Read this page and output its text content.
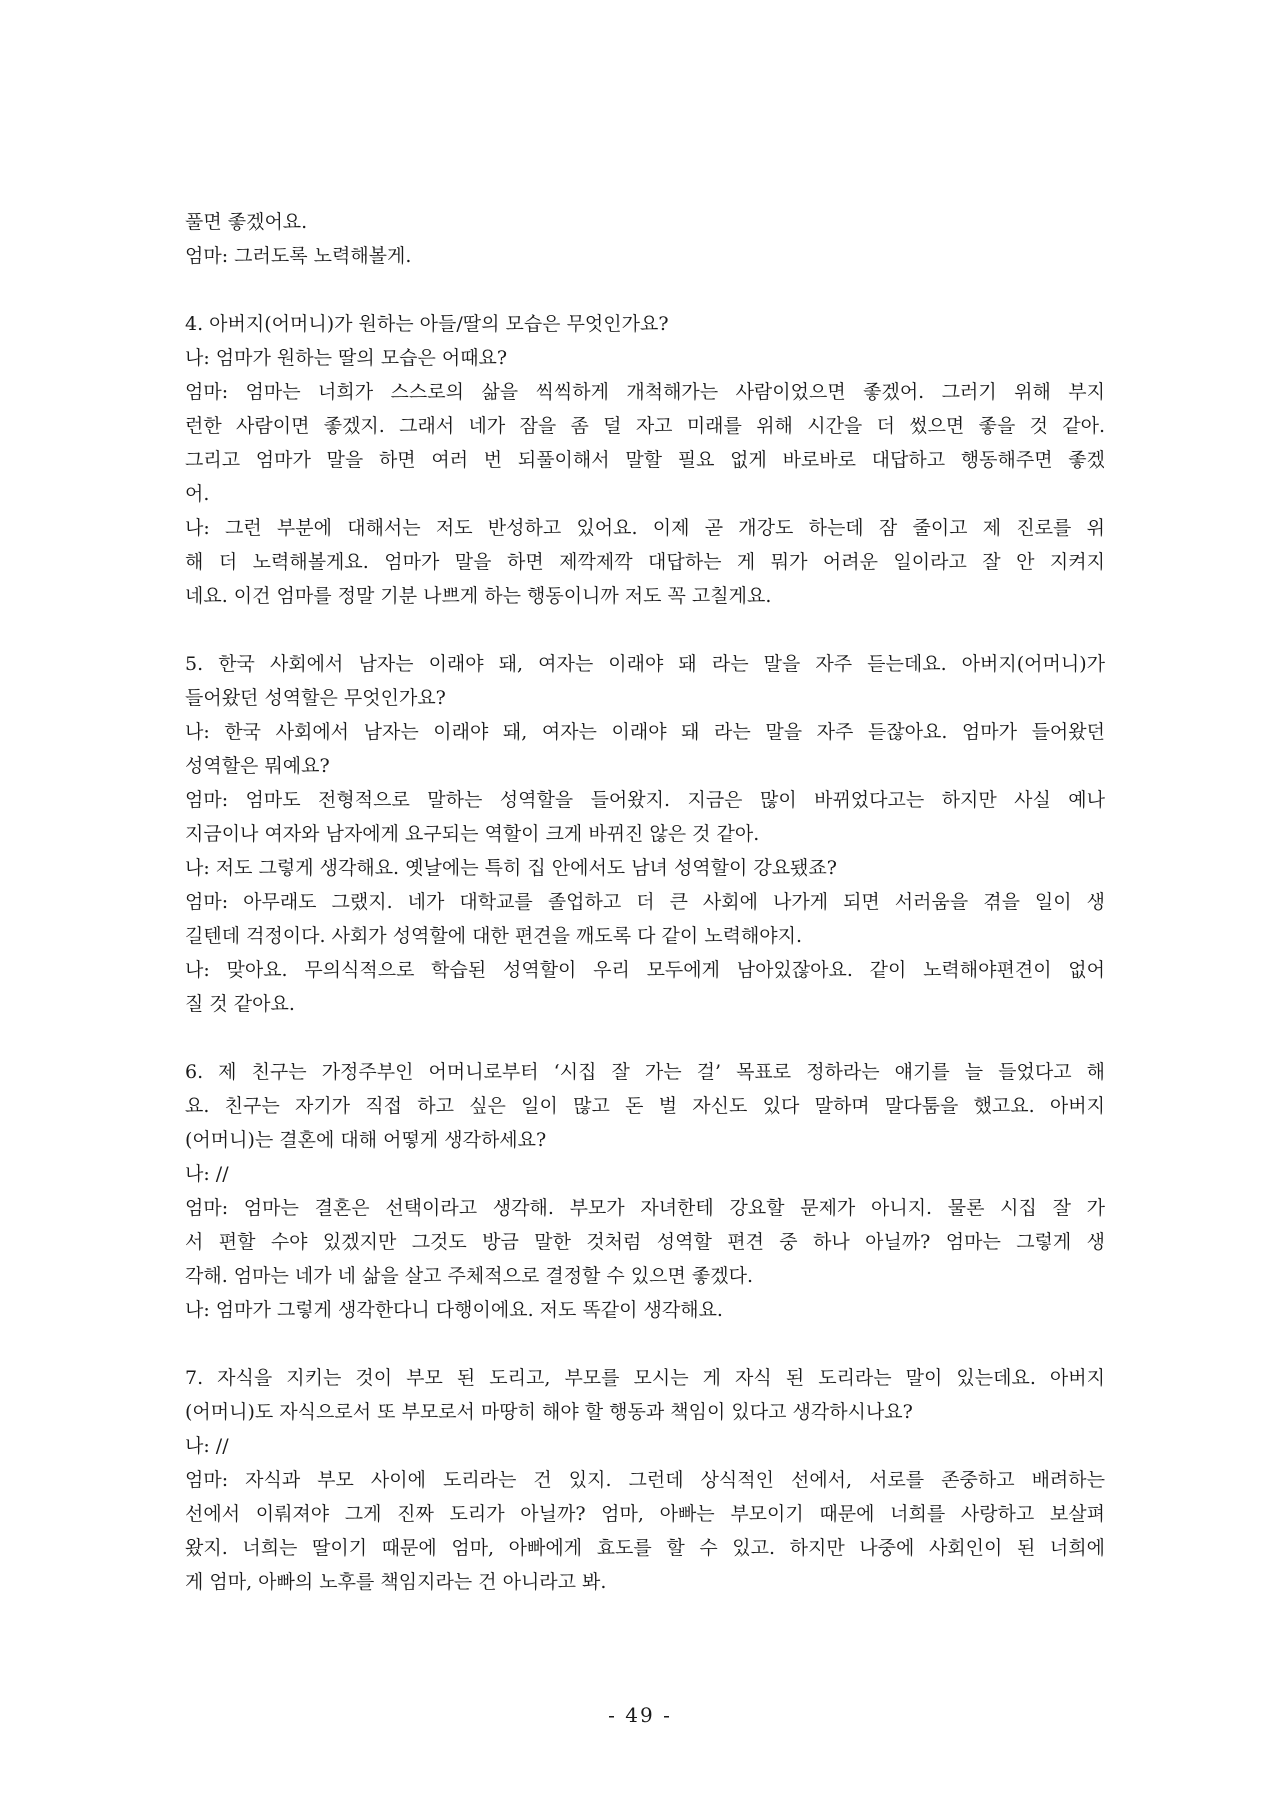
풀면 좋겠어요.
엄마: 그러도록 노력해볼게.
4. 아버지(어머니)가 원하는 아들/딸의 모습은 무엇인가요?
나: 엄마가 원하는 딸의 모습은 어때요?
엄마: 엄마는 너희가 스스로의 삶을 씩씩하게 개척해가는 사람이었으면 좋겠어. 그러기 위해 부지
런한 사람이면 좋겠지. 그래서 네가 잠을 좀 덜 자고 미래를 위해 시간을 더 썼으면 좋을 것 같아.
그리고 엄마가 말을 하면 여러 번 되풀이해서 말할 필요 없게 바로바로 대답하고 행동해주면 좋겠
어.
나: 그런 부분에 대해서는 저도 반성하고 있어요. 이제 곧 개강도 하는데 잠 줄이고 제 진로를 위
해 더 노력해볼게요. 엄마가 말을 하면 제깍제깍 대답하는 게 뭐가 어려운 일이라고 잘 안 지켜지
네요. 이건 엄마를 정말 기분 나쁘게 하는 행동이니까 저도 꼭 고칠게요.
5. 한국 사회에서 남자는 이래야 돼, 여자는 이래야 돼 라는 말을 자주 듣는데요. 아버지(어머니)가
들어왔던 성역할은 무엇인가요?
나: 한국 사회에서 남자는 이래야 돼, 여자는 이래야 돼 라는 말을 자주 듣잖아요. 엄마가 들어왔던
성역할은 뭐예요?
엄마: 엄마도 전형적으로 말하는 성역할을 들어왔지. 지금은 많이 바뀌었다고는 하지만 사실 예나
지금이나 여자와 남자에게 요구되는 역할이 크게 바뀌진 않은 것 같아.
나: 저도 그렇게 생각해요. 옛날에는 특히 집 안에서도 남녀 성역할이 강요됐죠?
엄마: 아무래도 그랬지. 네가 대학교를 졸업하고 더 큰 사회에 나가게 되면 서러움을 겪을 일이 생
길텐데 걱정이다. 사회가 성역할에 대한 편견을 깨도록 다 같이 노력해야지.
나: 맞아요. 무의식적으로 학습된 성역할이 우리 모두에게 남아있잖아요. 같이 노력해야편견이 없어
질 것 같아요.
6. 제 친구는 가정주부인 어머니로부터 ‘시집 잘 가는 걸’ 목표로 정하라는 얘기를 늘 들었다고 해
요. 친구는 자기가 직접 하고 싶은 일이 많고 돈 벌 자신도 있다 말하며 말다툼을 했고요. 아버지
(어머니)는 결혼에 대해 어떻게 생각하세요?
나: //
엄마: 엄마는 결혼은 선택이라고 생각해. 부모가 자녀한테 강요할 문제가 아니지. 물론 시집 잘 가
서 편할 수야 있겠지만 그것도 방금 말한 것처럼 성역할 편견 중 하나 아닐까? 엄마는 그렇게 생
각해. 엄마는 네가 네 삶을 살고 주체적으로 결정할 수 있으면 좋겠다.
나: 엄마가 그렇게 생각한다니 다행이에요. 저도 똑같이 생각해요.
7. 자식을 지키는 것이 부모 된 도리고, 부모를 모시는 게 자식 된 도리라는 말이 있는데요. 아버지
(어머니)도 자식으로서 또 부모로서 마땅히 해야 할 행동과 책임이 있다고 생각하시나요?
나: //
엄마: 자식과 부모 사이에 도리라는 건 있지. 그런데 상식적인 선에서, 서로를 존중하고 배려하는
선에서 이뤄져야 그게 진짜 도리가 아닐까? 엄마, 아빠는 부모이기 때문에 너희를 사랑하고 보살펴
왔지. 너희는 딸이기 때문에 엄마, 아빠에게 효도를 할 수 있고. 하지만 나중에 사회인이 된 너희에
게 엄마, 아빠의 노후를 책임지라는 건 아니라고 봐.
- 49 -
